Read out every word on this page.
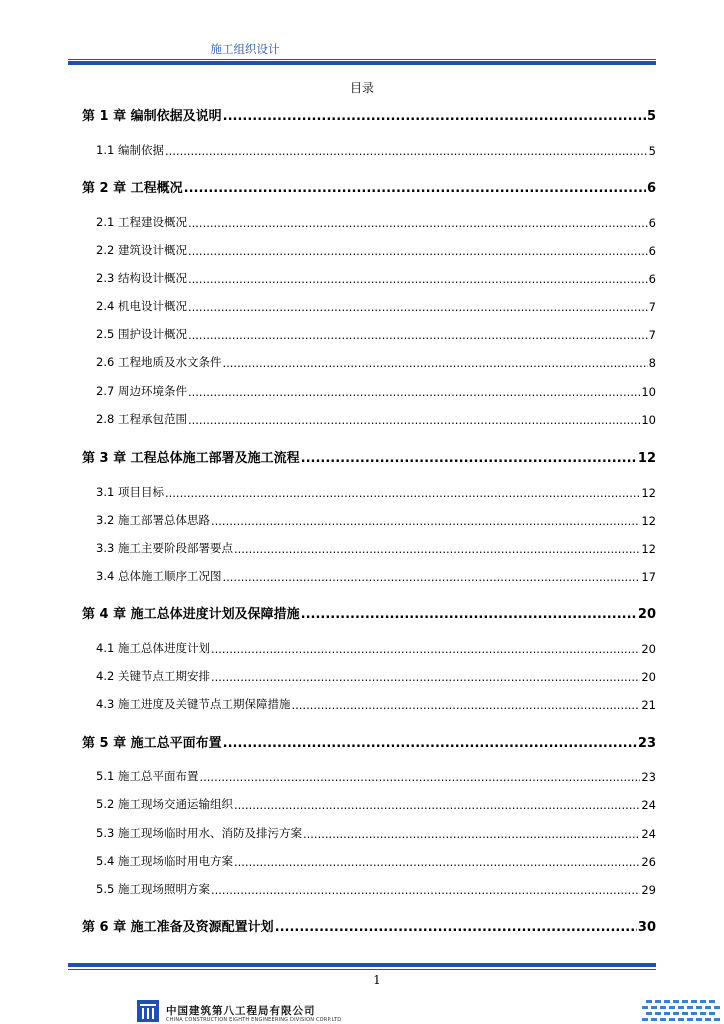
施工组织设计
目录
第 1 章 编制依据及说明 .....	5
1.1 编制依据 .....	5
第 2 章 工程概况 .....	6
2.1 工程建设概况 .....	6
2.2 建筑设计概况 .....	6
2.3 结构设计概况 .....	6
2.4 机电设计概况 .....	7
2.5 围护设计概况 .....	7
2.6 工程地质及水文条件 .....	8
2.7 周边环境条件 .....	10
2.8 工程承包范围 .....	10
第 3 章 工程总体施工部署及施工流程 .....	12
3.1 项目目标 .....	12
3.2 施工部署总体思路 .....	12
3.3 施工主要阶段部署要点 .....	12
3.4 总体施工顺序工况图 .....	17
第 4 章 施工总体进度计划及保障措施 .....	20
4.1 施工总体进度计划 .....	20
4.2 关键节点工期安排 .....	20
4.3 施工进度及关键节点工期保障措施 .....	21
第 5 章 施工总平面布置 .....	23
5.1 施工总平面布置 .....	23
5.2 施工现场交通运输组织 .....	24
5.3 施工现场临时用水、消防及排污方案 .....	24
5.4 施工现场临时用电方案 .....	26
5.5 施工现场照明方案 .....	29
第 6 章 施工准备及资源配置计划 .....	30
1
中国建筑第八工程局有限公司
CHINA CONSTRUCTION EIGHTH ENGINEERING DIVISION CORP.LTD
